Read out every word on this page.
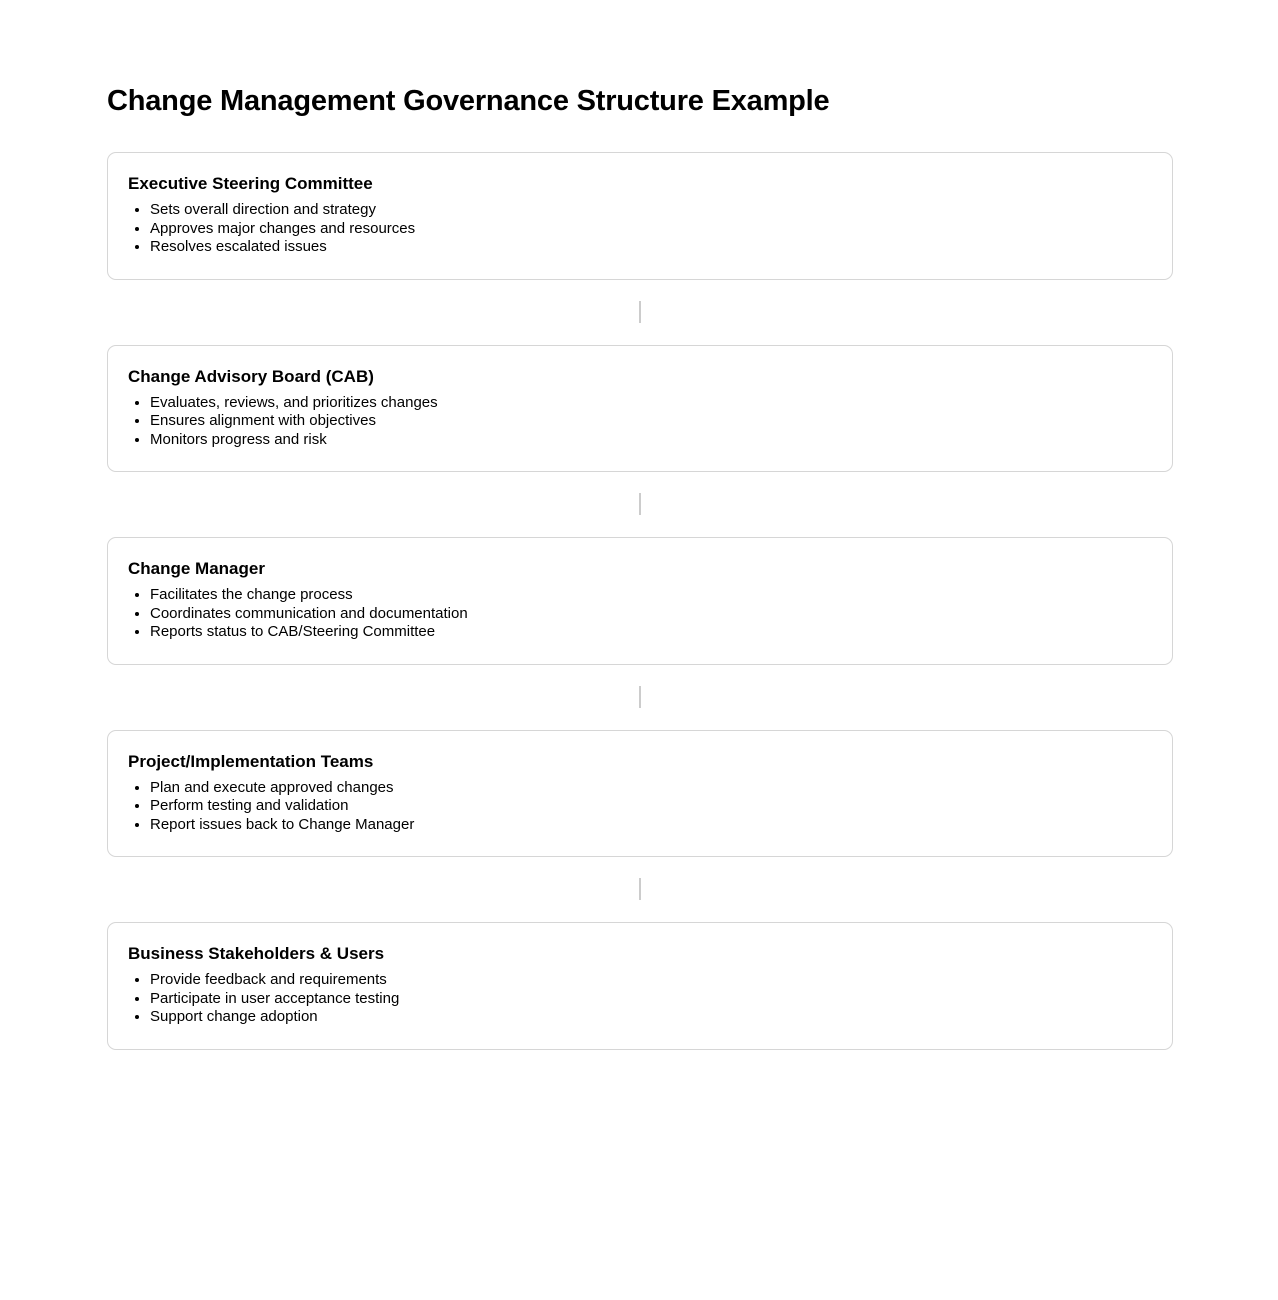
Change Management Governance Structure Example
Executive Steering Committee
• Sets overall direction and strategy
• Approves major changes and resources
• Resolves escalated issues
Change Advisory Board (CAB)
• Evaluates, reviews, and prioritizes changes
• Ensures alignment with objectives
• Monitors progress and risk
Change Manager
• Facilitates the change process
• Coordinates communication and documentation
• Reports status to CAB/Steering Committee
Project/Implementation Teams
• Plan and execute approved changes
• Perform testing and validation
• Report issues back to Change Manager
Business Stakeholders & Users
• Provide feedback and requirements
• Participate in user acceptance testing
• Support change adoption
